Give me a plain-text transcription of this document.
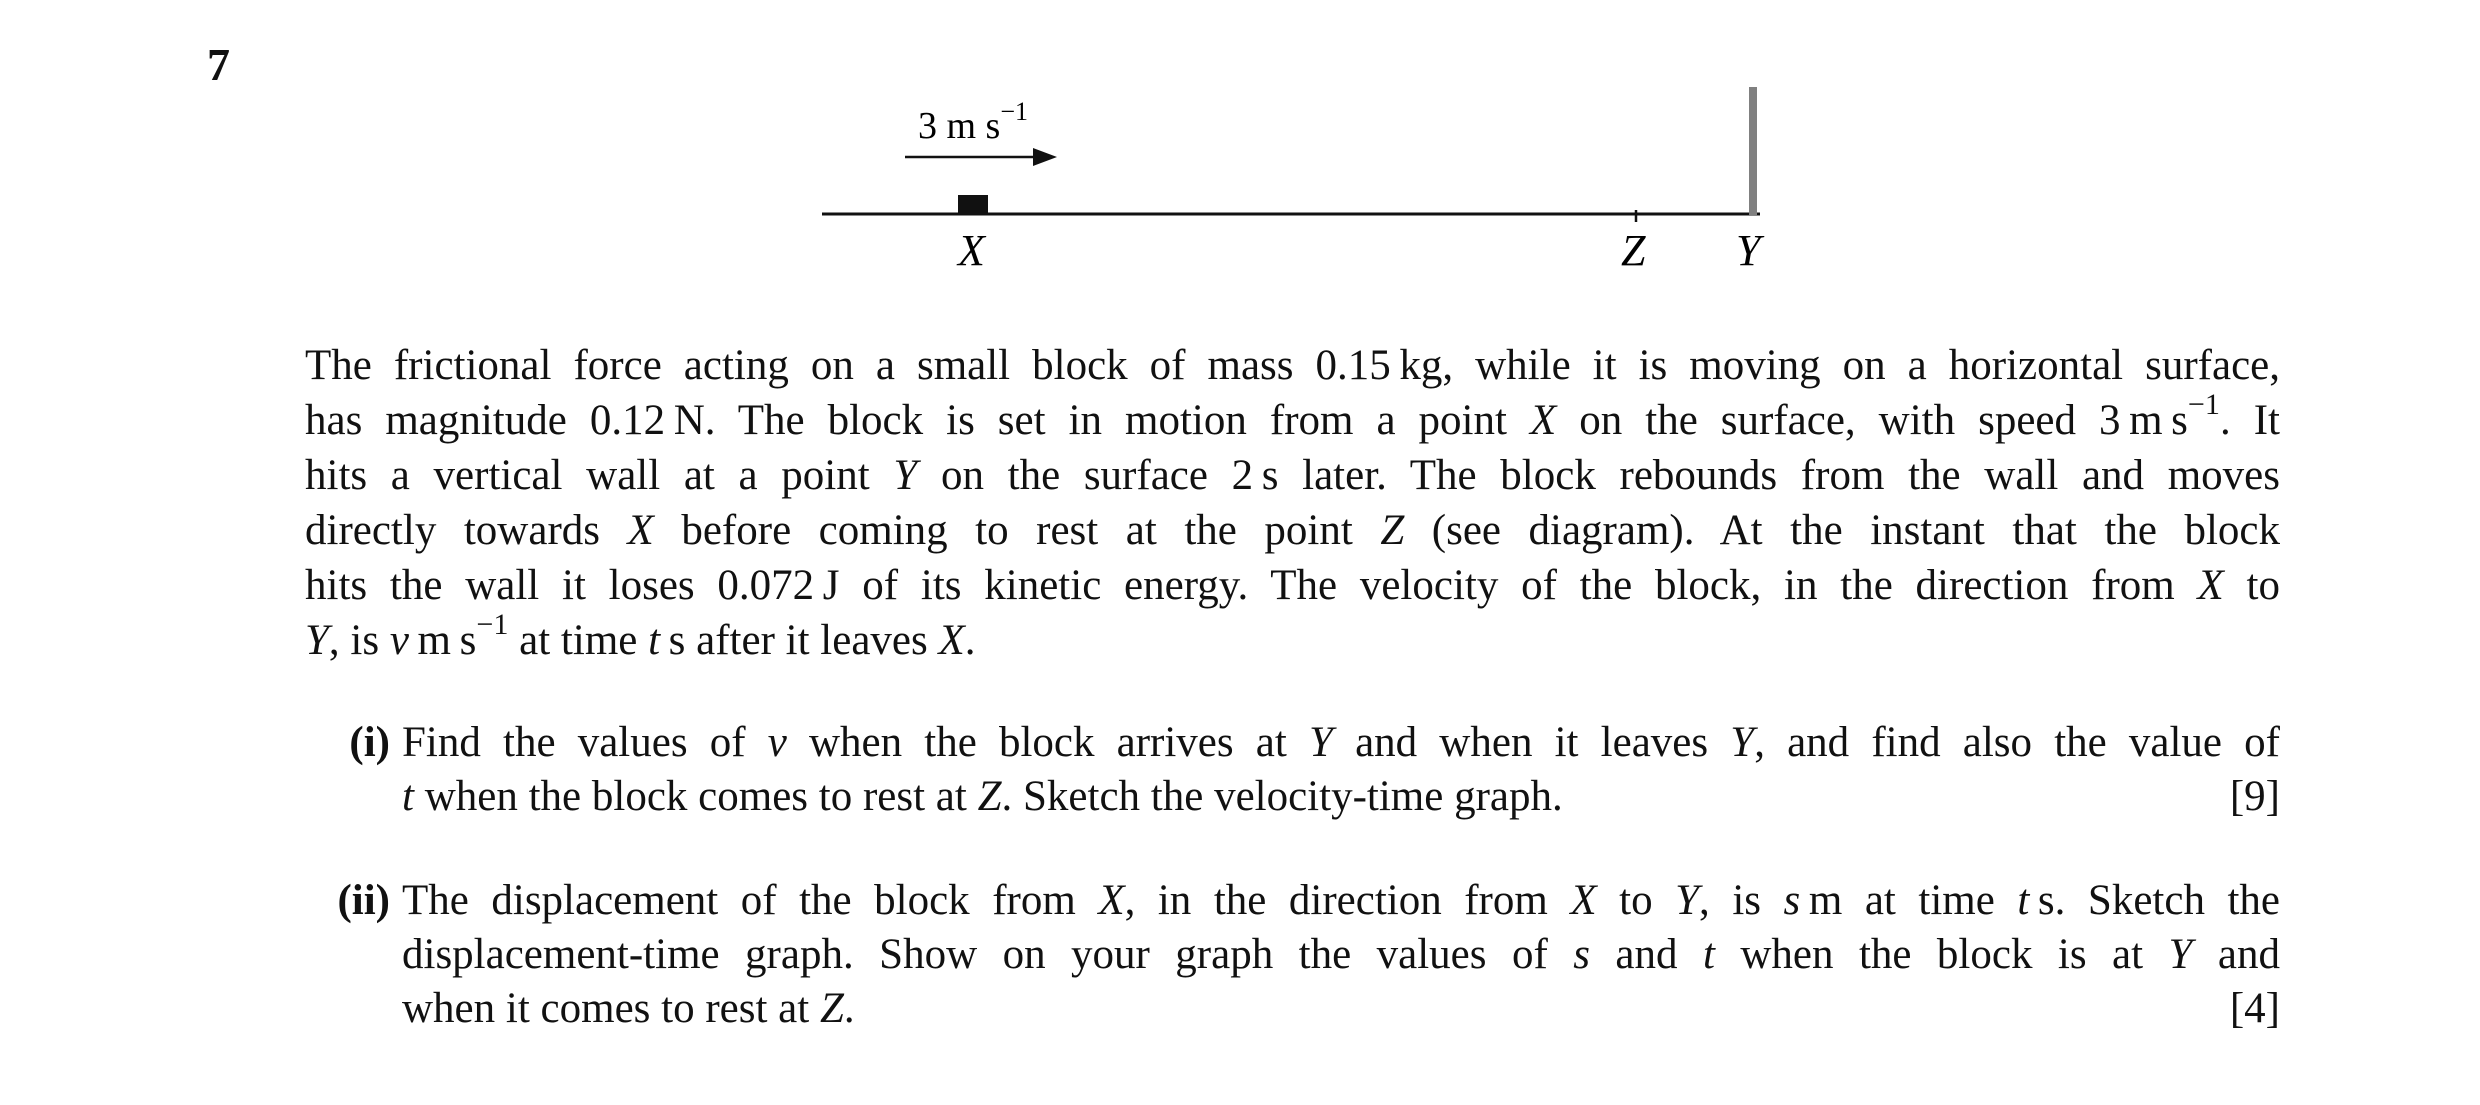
7
3 m $s^{-1}$
X	Z Y
The frictional force acting on a small block of mass 0.15 kg, while it is moving on a horizontal surface,
has magnitude 0.12 N. The block is set in motion from a point X on the surface, with speed 3 m $s^{-1}$. It
hits a vertical wall at a point Y on the surface 2 s later. The block rebounds from the wall and moves
directly towards X before coming to rest at the point Z (see diagram). At the instant that the block
hits the wall it loses 0.072 J of its kinetic energy. The velocity of the block, in the direction from X to
Y, is v m $s^{-1}$ at time t s after it leaves X.
(i) Find the values of v when the block arrives at Y and when it leaves Y, and find also the value of
t when the block comes to rest at Z. Sketch the velocity-time graph.	[9]
(ii) The displacement of the block from X, in the direction from X to Y, is s m at time t s. Sketch the
displacement-time graph. Show on your graph the values of s and t when the block is at Y and
when it comes to rest at Z.	[4]
